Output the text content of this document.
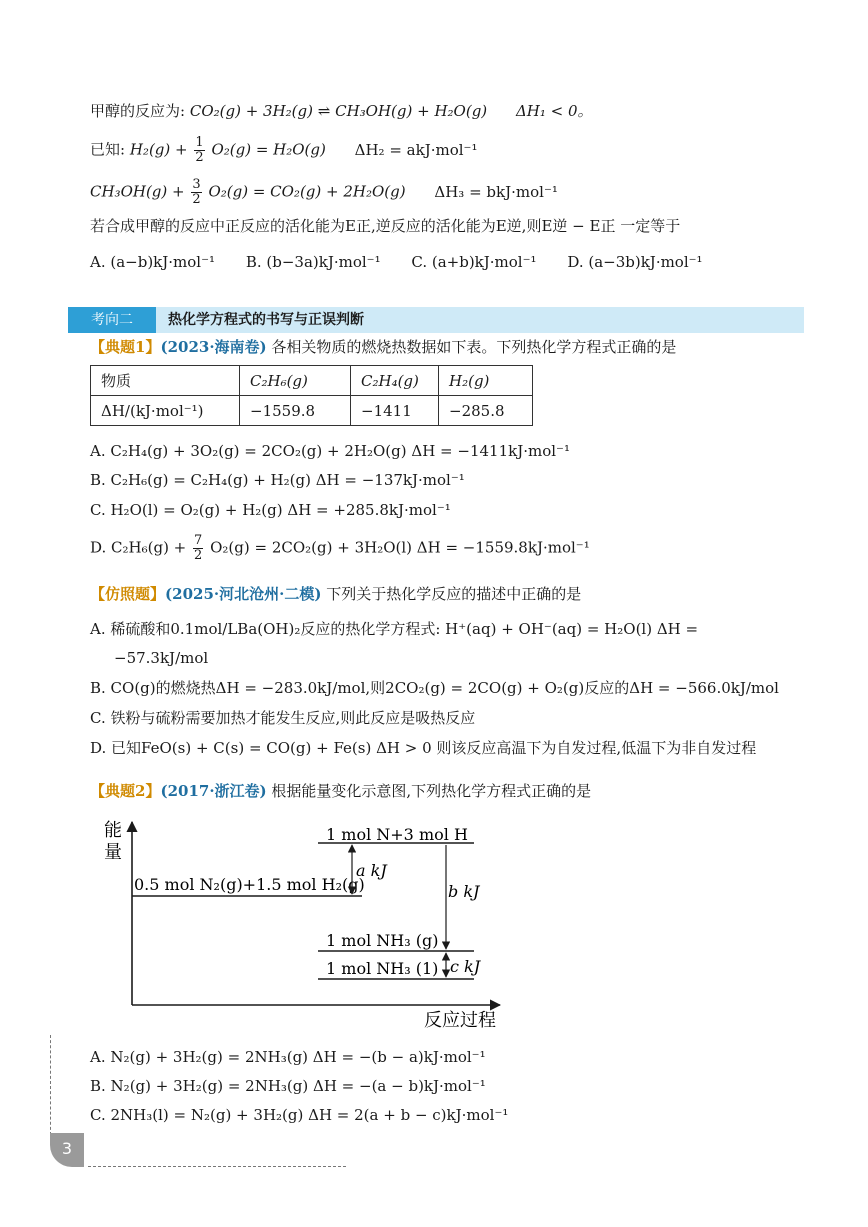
甲醇的反应为: CO₂(g) + 3H₂(g) ⇌ CH₃OH(g) + H₂O(g) ΔH₁ < 0。
已知: $H_2(g) + \frac{1}{2} O_2(g) = H_2O(g) \Delta H_2 = akJ\cdot mol^{-1}$
$CH_3OH(g) + \frac{3}{2} O_2(g) = CO_2(g) + 2H_2O(g) \Delta H_3 = bkJ\cdot mol^{-1}$
若合成甲醇的反应中正反应的活化能为E正,逆反应的活化能为E逆,则E逆 − E正 一定等于
A. (a−b)kJ·mol⁻¹ B. (b−3a)kJ·mol⁻¹ C. (a+b)kJ·mol⁻¹ D. (a−3b)kJ·mol⁻¹
考向二	热化学方程式的书写与正误判断
【典题1】(2023·海南卷) 各相关物质的燃烧热数据如下表。下列热化学方程式正确的是
物质	C₂H₆(g)	C₂H₄(g)	H₂(g)
ΔH/(kJ·mol⁻¹)	−1559.8	−1411	−285.8
A. C₂H₄(g) + 3O₂(g) = 2CO₂(g) + 2H₂O(g) ΔH = −1411kJ·mol⁻¹
B. C₂H₆(g) = C₂H₄(g) + H₂(g) ΔH = −137kJ·mol⁻¹
C. H₂O(l) = O₂(g) + H₂(g) ΔH = +285.8kJ·mol⁻¹
D. $C_2H_6(g) + \frac{7}{2} O_2(g) = 2CO_2(g) + 3H_2O(l) \Delta H = -1559.8kJ\cdot mol^{-1}$
【仿照题】(2025·河北沧州·二模) 下列关于热化学反应的描述中正确的是
A. 稀硫酸和0.1mol/LBa(OH)₂反应的热化学方程式: H⁺(aq) + OH⁻(aq) = H₂O(l) ΔH =
−57.3kJ/mol
B. CO(g)的燃烧热ΔH = −283.0kJ/mol,则2CO₂(g) = 2CO(g) + O₂(g)反应的ΔH = −566.0kJ/mol
C. 铁粉与硫粉需要加热才能发生反应,则此反应是吸热反应
D. 已知FeO(s) + C(s) = CO(g) + Fe(s) ΔH > 0 则该反应高温下为自发过程,低温下为非自发过程
【典题2】(2017·浙江卷) 根据能量变化示意图,下列热化学方程式正确的是
能
量
反应过程
1 mol N+3 mol H
0.5 mol N₂(g)+1.5 mol H₂(g)
1 mol NH₃ (g)
1 mol NH₃ (1)
a kJ
b kJ
c kJ
A. N₂(g) + 3H₂(g) = 2NH₃(g) ΔH = −(b − a)kJ·mol⁻¹
B. N₂(g) + 3H₂(g) = 2NH₃(g) ΔH = −(a − b)kJ·mol⁻¹
C. 2NH₃(l) = N₂(g) + 3H₂(g) ΔH = 2(a + b − c)kJ·mol⁻¹
3
